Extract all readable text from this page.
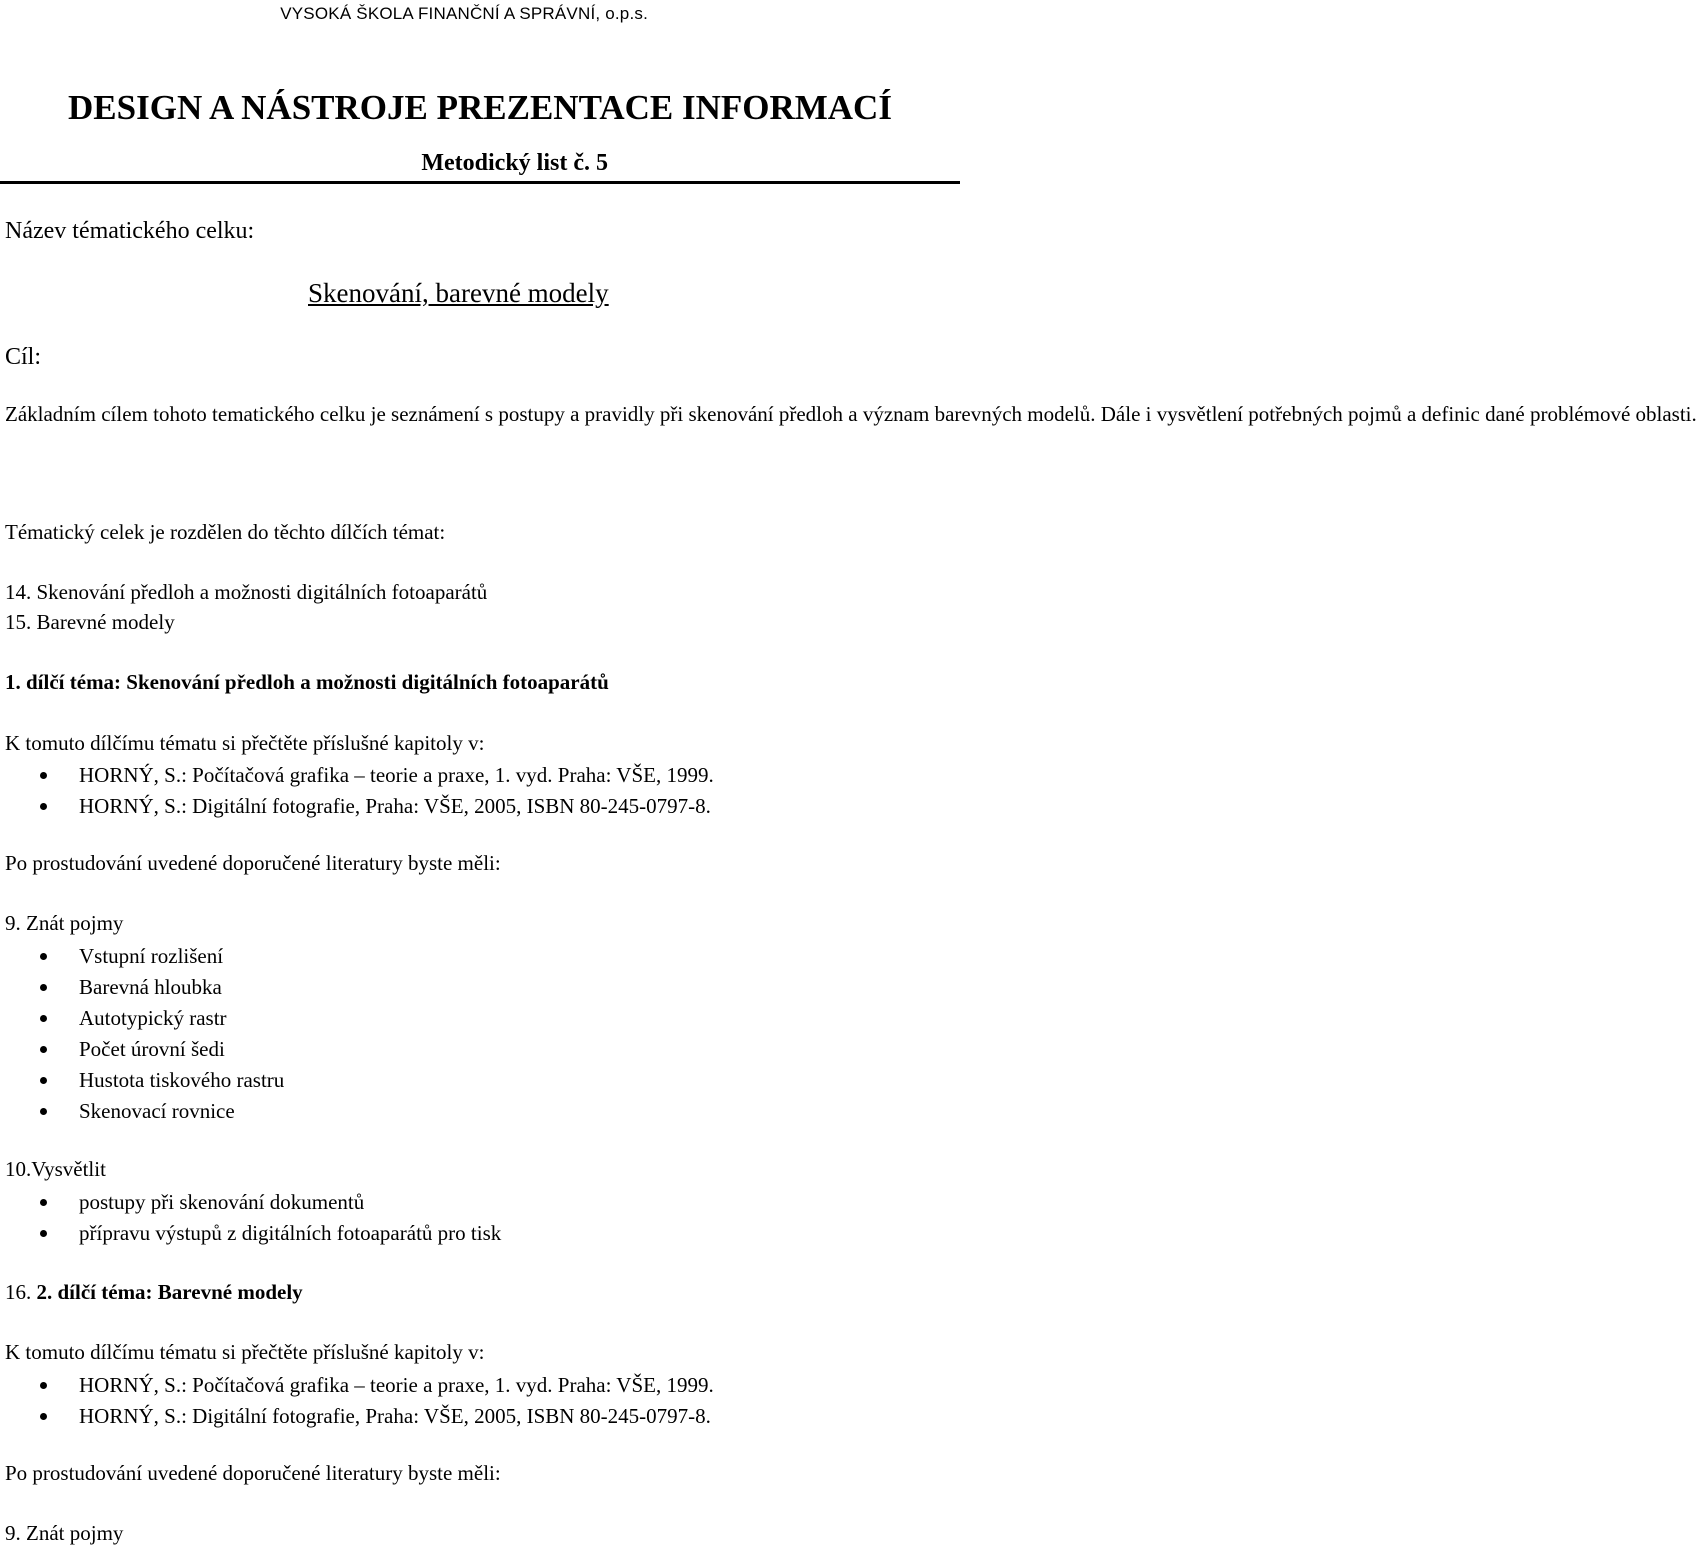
VYSOKÁ ŠKOLA FINANČNÍ A SPRÁVNÍ, o.p.s.
DESIGN A NÁSTROJE PREZENTACE INFORMACÍ
Metodický list č. 5
Název tématického celku:
Skenování, barevné modely
Cíl:
Základním cílem tohoto tematického celku je seznámení s postupy a pravidly při skenování předloh a význam barevných modelů. Dále i vysvětlení potřebných pojmů a definic dané problémové oblasti.
Tématický celek je rozdělen do těchto dílčích témat:
14. Skenování předloh a možnosti digitálních fotoaparátů
15. Barevné modely
1. dílčí téma: Skenování předloh a možnosti digitálních fotoaparátů
K tomuto dílčímu tématu si přečtěte příslušné kapitoly v:
HORNÝ, S.: Počítačová grafika – teorie a praxe, 1. vyd. Praha: VŠE, 1999.
HORNÝ, S.: Digitální fotografie, Praha: VŠE, 2005, ISBN 80-245-0797-8.
Po prostudování uvedené doporučené literatury byste měli:
9. Znát pojmy
Vstupní rozlišení
Barevná hloubka
Autotypický rastr
Počet úrovní šedi
Hustota tiskového rastru
Skenovací rovnice
10.Vysvětlit
postupy při skenování dokumentů
přípravu výstupů z digitálních fotoaparátů pro tisk
16. 2. dílčí téma: Barevné modely
K tomuto dílčímu tématu si přečtěte příslušné kapitoly v:
HORNÝ, S.: Počítačová grafika – teorie a praxe, 1. vyd. Praha: VŠE, 1999.
HORNÝ, S.: Digitální fotografie, Praha: VŠE, 2005, ISBN 80-245-0797-8.
Po prostudování uvedené doporučené literatury byste měli:
9. Znát pojmy
